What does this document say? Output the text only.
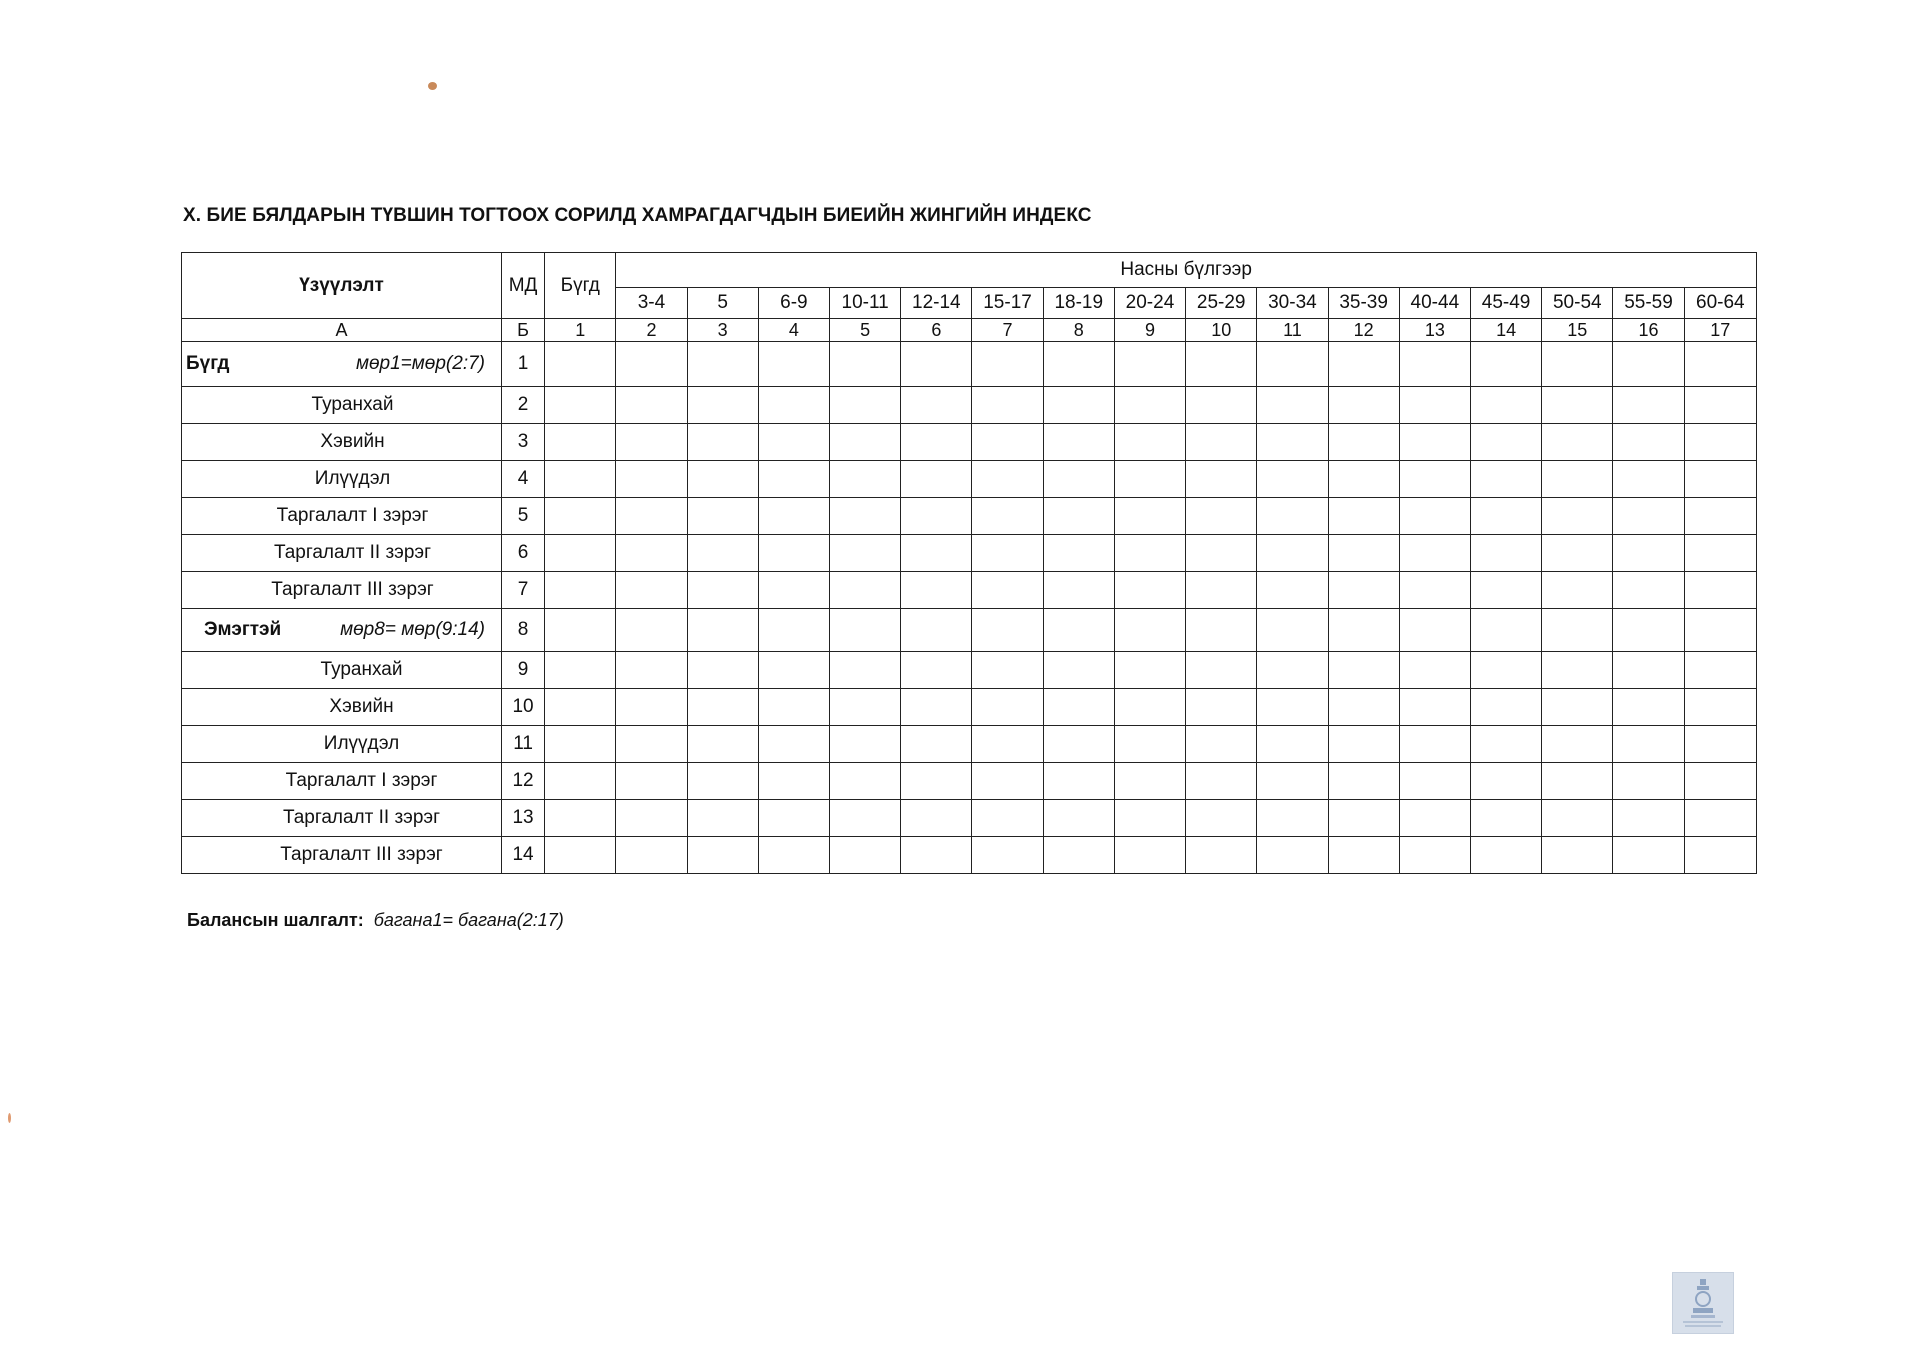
X. БИЕ БЯЛДАРЫН ТҮВШИН ТОГТООХ СОРИЛД ХАМРАГДАГЧДЫН БИЕИЙН ЖИНГИЙН ИНДЕКС
Үзүүлэлт	МД	Бүгд	Насны бүлгээр															
			3-4	5	6-9	10-11	12-14	15-17	18-19	20-24	25-29	30-34	35-39	40-44	45-49	50-54	55-59	60-64
А	Б	1	2	3	4	5	6	7	8	9	10	11	12	13	14	15	16	17

Бүгд мөр1=мөр(2:7)	1																	

Туранхай	2																	

Хэвийн	3																	

Илүүдэл	4																	

Таргалалт I зэрэг	5																	

Таргалалт II зэрэг	6																	

Таргалалт III зэрэг	7																	

Эмэгтэй мөр8= мөр(9:14)	8																	

Туранхай	9																	

Хэвийн	10																	

Илүүдэл	11																	

Таргалалт I зэрэг	12																	

Таргалалт II зэрэг	13																	

Таргалалт III зэрэг	14																	
Балансын шалгалт: багана1= багана(2:17)
